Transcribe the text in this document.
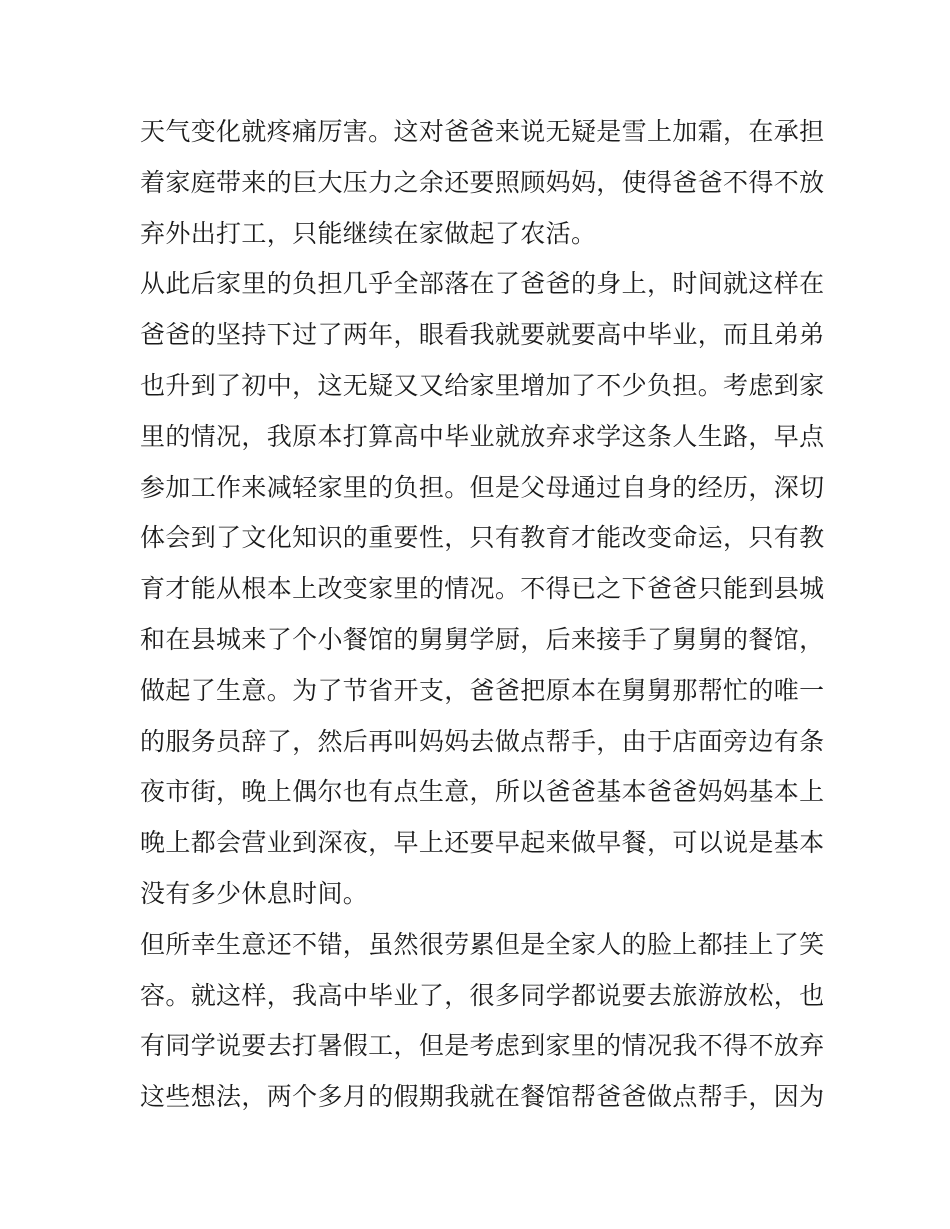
天气变化就疼痛厉害。这对爸爸来说无疑是雪上加霜，在承担
着家庭带来的巨大压力之余还要照顾妈妈，使得爸爸不得不放
弃外出打工，只能继续在家做起了农活。
从此后家里的负担几乎全部落在了爸爸的身上，时间就这样在
爸爸的坚持下过了两年，眼看我就要就要高中毕业，而且弟弟
也升到了初中，这无疑又又给家里增加了不少负担。考虑到家
里的情况，我原本打算高中毕业就放弃求学这条人生路，早点
参加工作来减轻家里的负担。但是父母通过自身的经历，深切
体会到了文化知识的重要性，只有教育才能改变命运，只有教
育才能从根本上改变家里的情况。不得已之下爸爸只能到县城
和在县城来了个小餐馆的舅舅学厨，后来接手了舅舅的餐馆，
做起了生意。为了节省开支，爸爸把原本在舅舅那帮忙的唯一
的服务员辞了，然后再叫妈妈去做点帮手，由于店面旁边有条
夜市街，晚上偶尔也有点生意，所以爸爸基本爸爸妈妈基本上
晚上都会营业到深夜，早上还要早起来做早餐，可以说是基本
没有多少休息时间。
但所幸生意还不错，虽然很劳累但是全家人的脸上都挂上了笑
容。就这样，我高中毕业了，很多同学都说要去旅游放松，也
有同学说要去打暑假工，但是考虑到家里的情况我不得不放弃
这些想法，两个多月的假期我就在餐馆帮爸爸做点帮手，因为
